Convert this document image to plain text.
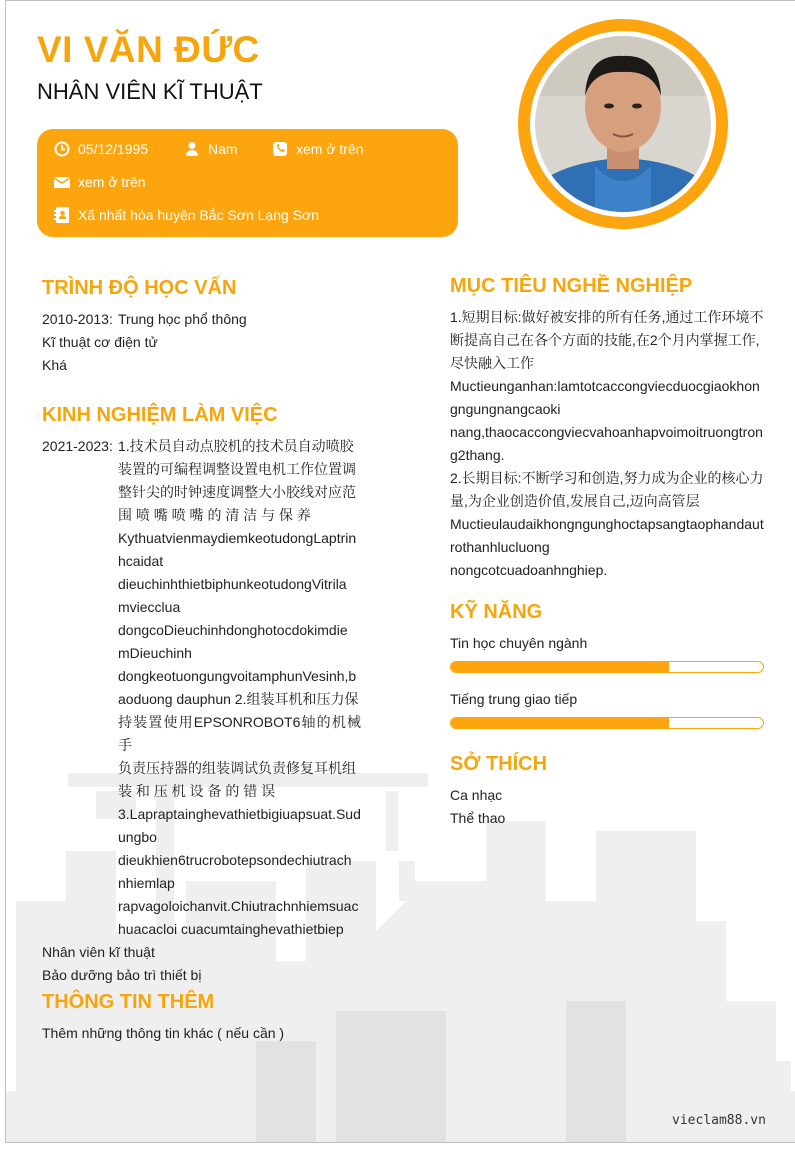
VI VĂN ĐỨC
NHÂN VIÊN KĨ THUẬT
05/12/1995	Nam	xem ở trên
xem ở trên
Xã nhất hòa huyện Bắc Sơn Lạng Sơn
TRÌNH ĐỘ HỌC VẤN
2010-2013: Trung học phổ thông
Kĩ thuật cơ điện tử
Khá
KINH NGHIỆM LÀM VIỆC
2021-2023: 1.技术员自动点胶机的技术员自动喷胶
装置的可编程调整设置电机工作位置调
整针尖的时钟速度调整大小胶线对应范
围 喷 嘴 喷 嘴 的 清 洁 与 保 养
KythuatvienmaydiemkeotudongLaptrin
hcaidat
dieuchinhthietbiphunkeotudongVitrila
mviecclua
dongcoDieuchinhdonghotocdokimdie
mDieuchinh
dongkeotuongungvoitamphunVesinh,b
aoduong dauphun 2.组装耳机和压力保
持装置使用EPSONROBOT6轴的机械手
负责压持器的组装调试负责修复耳机组
装 和 压 机 设 备 的 错 误
3.Lapraptainghevathietbigiuapsuat.Sud
ungbo
dieukhien6trucrobotepsondechiutrach
nhiemlap
rapvagoloichanvit.Chiutrachnhiemsuac
huacacloi cuacumtainghevathietbiep
Nhân viên kĩ thuật
Bảo dưỡng bảo trì thiết bị
THÔNG TIN THÊM
Thêm những thông tin khác ( nếu cần )
MỤC TIÊU NGHỀ NGHIỆP
1.短期目标:做好被安排的所有任务,通过工作环境不
断提高自己在各个方面的技能,在2个月内掌握工作,
尽快融入工作
Muctieunganhan:lamtotcaccongviecduocgiaokhon
gngungnangcaoki
nang,thaocaccongviecvahoanhapvoimoitruongtron
g2thang.
2.长期目标:不断学习和创造,努力成为企业的核心力
量,为企业创造价值,发展自己,迈向高管层
Muctieulaudaikhongngunghoctapsangtaophandaut
rothanhlucluong
nongcotcuadoanhnghiep.
KỸ NĂNG
Tin học chuyên ngành
Tiếng trung giao tiếp
SỞ THÍCH
Ca nhạc
Thể thao
vieclam88.vn
